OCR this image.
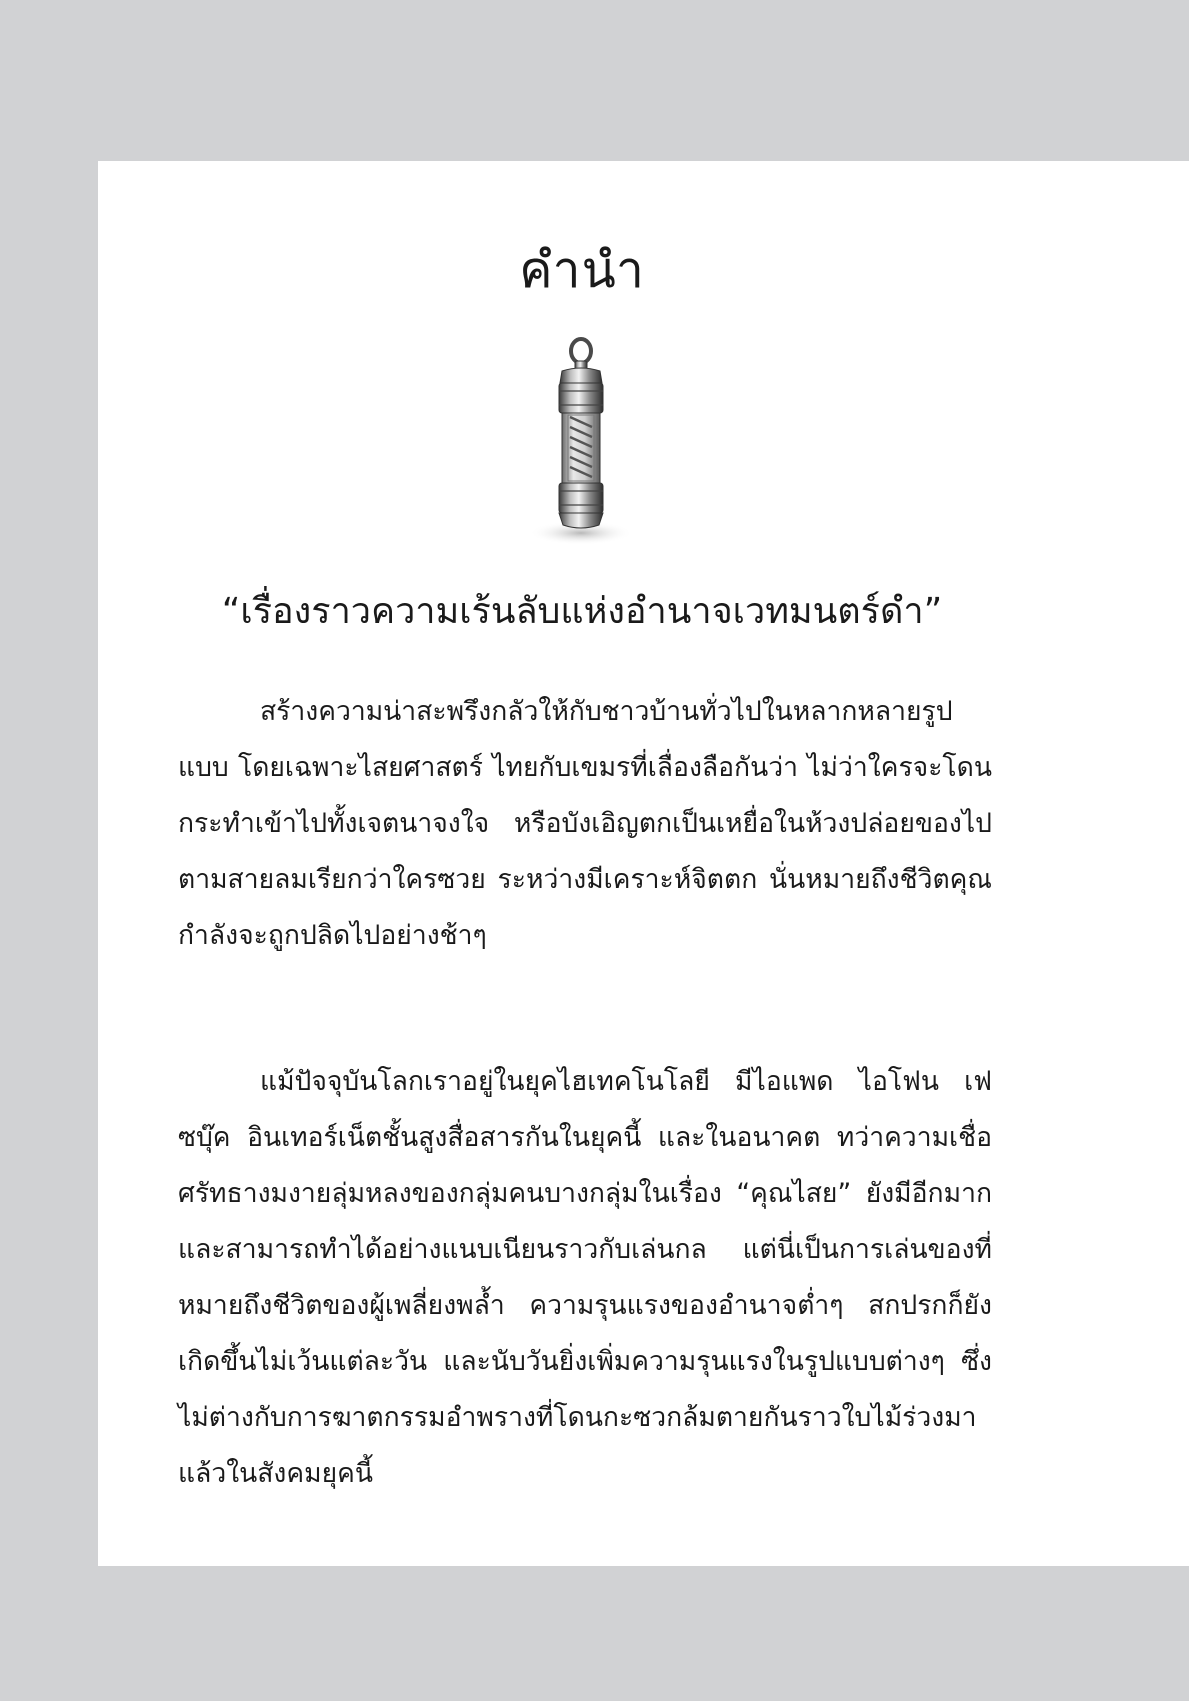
คำนำ
“เรื่องราวความเร้นลับแห่งอำนาจเวทมนตร์ดำ”

สร้างความน่าสะพรึงกลัวให้กับชาวบ้านทั่วไปในหลากหลายรูปแบบ โดยเฉพาะไสยศาสตร์ ไทยกับเขมรที่เลื่องลือกันว่า ไม่ว่าใครจะโดนกระทำเข้าไปทั้งเจตนาจงใจ หรือบังเอิญตกเป็นเหยื่อในห้วงปล่อยของไปตามสายลมเรียกว่าใครซวย ระหว่างมีเคราะห์จิตตก นั่นหมายถึงชีวิตคุณกำลังจะถูกปลิดไปอย่างช้าๆ

แม้ปัจจุบันโลกเราอยู่ในยุคไฮเทคโนโลยี มีไอแพด ไอโฟน เฟซบุ๊ค อินเทอร์เน็ตชั้นสูงสื่อสารกันในยุคนี้ และในอนาคต ทว่าความเชื่อศรัทธางมงายลุ่มหลงของกลุ่มคนบางกลุ่มในเรื่อง “คุณไสย” ยังมีอีกมากและสามารถทำได้อย่างแนบเนียนราวกับเล่นกล แต่นี่เป็นการเล่นของที่หมายถึงชีวิตของผู้เพลี่ยงพล้ำ ความรุนแรงของอำนาจต่ำๆ สกปรกก็ยังเกิดขึ้นไม่เว้นแต่ละวัน และนับวันยิ่งเพิ่มความรุนแรงในรูปแบบต่างๆ ซึ่งไม่ต่างกับการฆาตกรรมอำพรางที่โดนกะซวกล้มตายกันราวใบไม้ร่วงมาแล้วในสังคมยุคนี้
